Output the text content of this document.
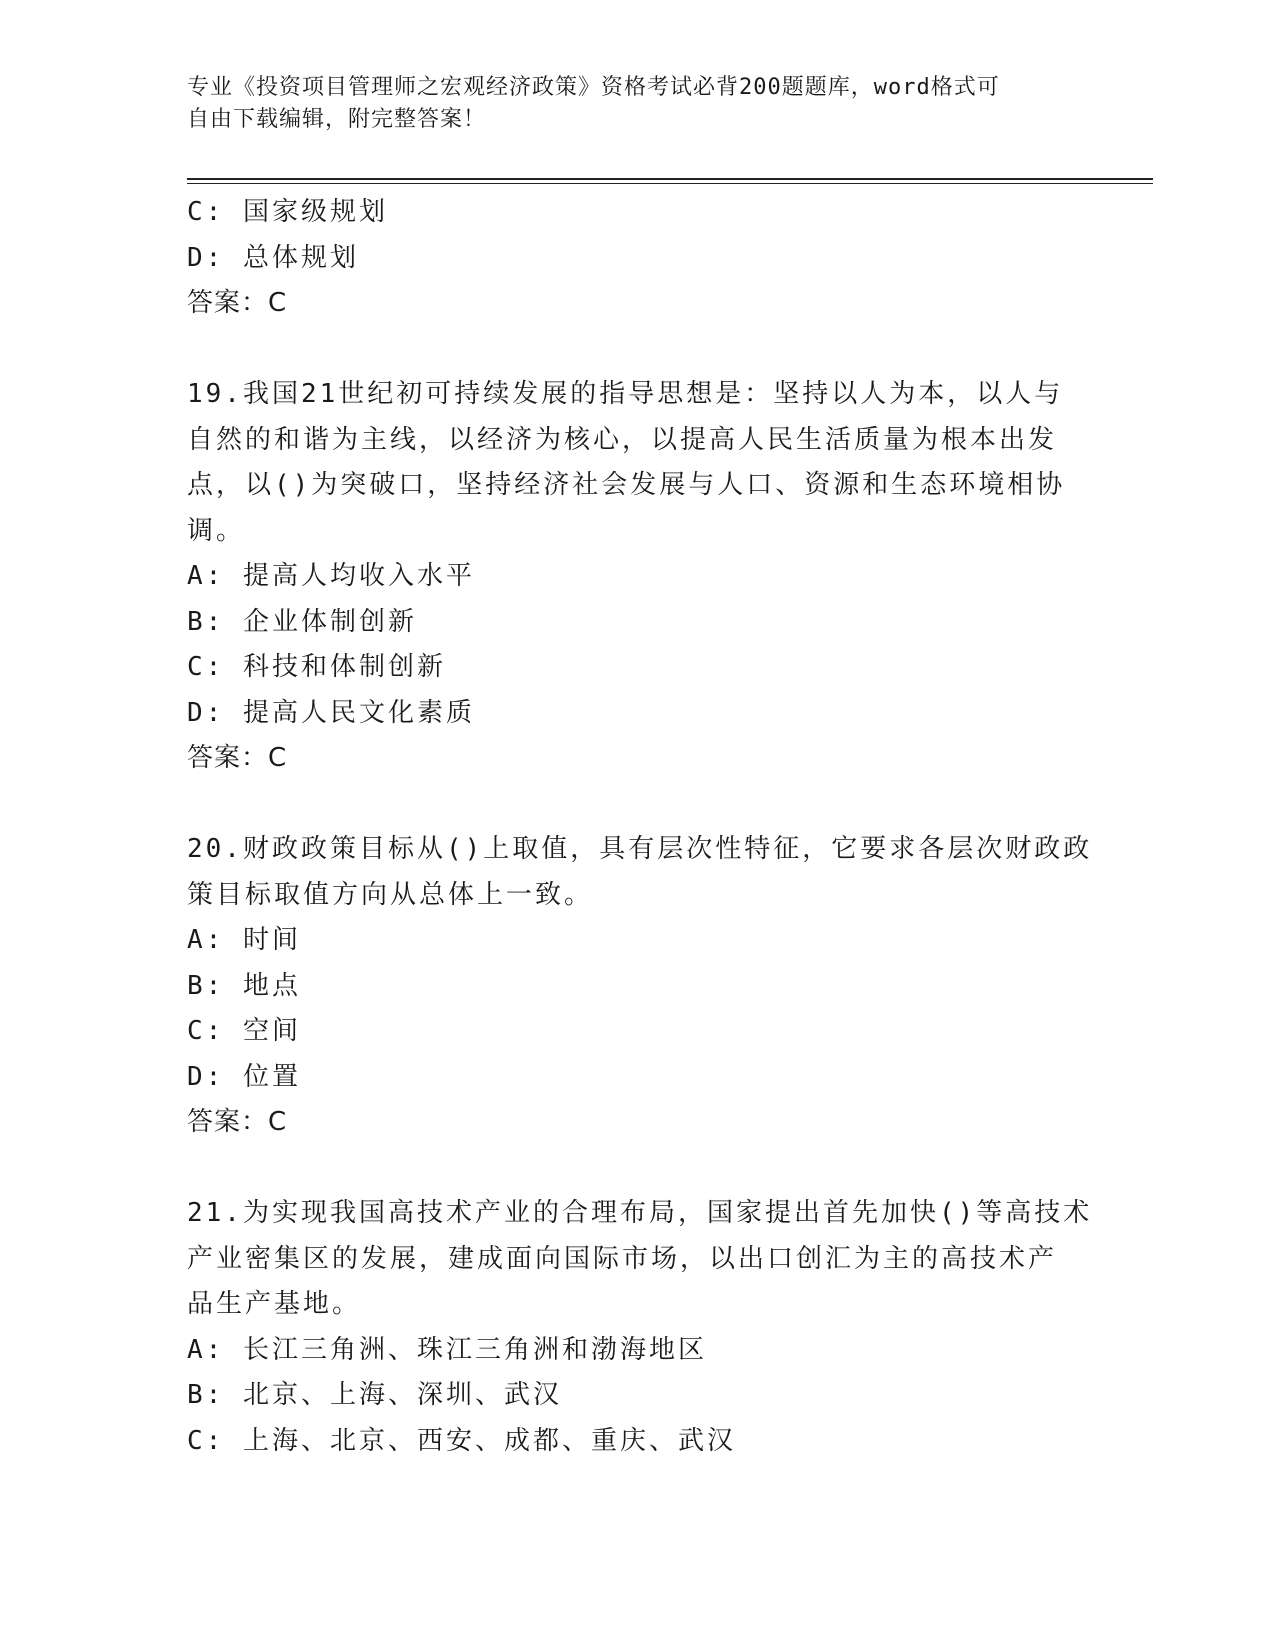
专业《投资项目管理师之宏观经济政策》资格考试必背200题题库，word格式可
自由下载编辑，附完整答案！
C: 国家级规划
D: 总体规划
答案：C
19.我国21世纪初可持续发展的指导思想是：坚持以人为本，以人与
自然的和谐为主线，以经济为核心，以提高人民生活质量为根本出发
点，以()为突破口，坚持经济社会发展与人口、资源和生态环境相协
调。
A: 提高人均收入水平
B: 企业体制创新
C: 科技和体制创新
D: 提高人民文化素质
答案：C
20.财政政策目标从()上取值，具有层次性特征，它要求各层次财政政
策目标取值方向从总体上一致。
A: 时间
B: 地点
C: 空间
D: 位置
答案：C
21.为实现我国高技术产业的合理布局，国家提出首先加快()等高技术
产业密集区的发展，建成面向国际市场，以出口创汇为主的高技术产
品生产基地。
A: 长江三角洲、珠江三角洲和渤海地区
B: 北京、上海、深圳、武汉
C: 上海、北京、西安、成都、重庆、武汉
